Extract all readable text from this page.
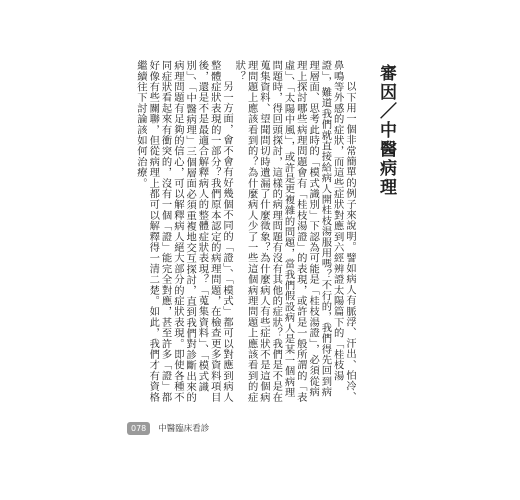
審因／中醫病理

以下用一個非常簡單的例子來說明。譬如病人有脈浮、汗出、怕冷、鼻鳴等外感的症狀，而這些症狀對應到六經辨證太陽篇下的「桂枝湯證」，難道我們就直接給病人開桂枝湯服用嗎？不行的，我們得先回到病理層面、思考此時的「模式識別」下認為可能是「桂枝湯證」，必須從病理上探討哪些病理問題會有「桂枝湯證」的表現，或許是一般所謂的「表虛」、「太陽中風」，或許是更複雜的問題，當我們假設病人是某一個病理問題時，得回頭探討，這樣的病理問題有沒有其他的症狀？我們是不是在蒐集資料、望聞問切時遺漏了什麼徵象？為什麼病人有些症狀不是這個病理問題上應該看到的？為什麼病人少了一些這個病理問題上應該看到的症狀？

另一方面，會不會有好幾個不同的「證」、「模式」都可以對應到病人整體症狀表現的一部分？我們原本認定的病理問題，在檢查更多資料項目後，還是不是最適合解釋病人的整體症狀表現？「蒐集資料」、「模式識別」、「中醫病理」三個層面必須重複地交互探討，直到我們對診斷出來的病理問題有足夠的信心，可以解釋病人絕大部分的症狀表現。即使各種不同症狀看起來有衝突的，沒有一個「證」能完全對應，甚至許多「證」都好像有些關聯，但從病理上都可以解釋得一清二楚。如此，我們才有資格繼續往下討論該如何治療。

078	中醫臨床看診
